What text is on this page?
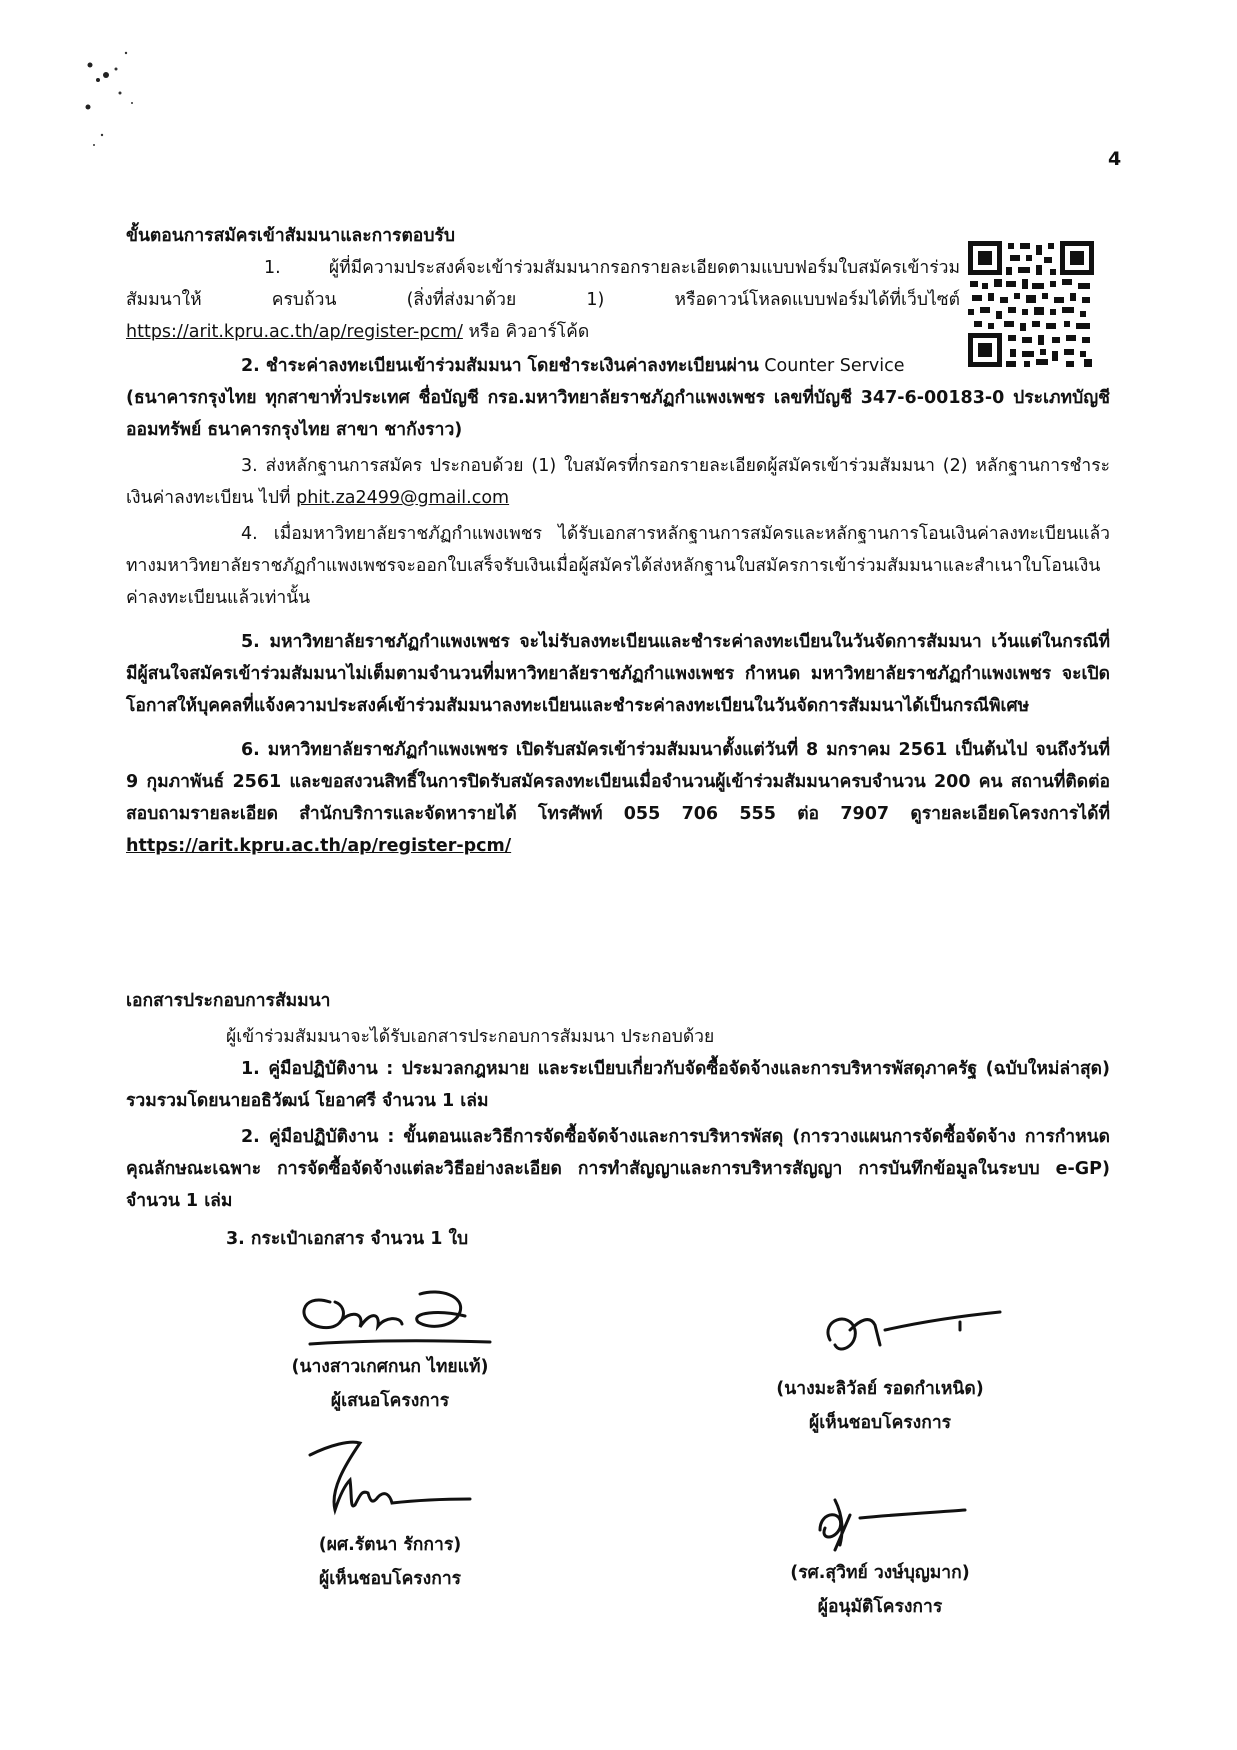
4
ขั้นตอนการสมัครเข้าสัมมนาและการตอบรับ
1. ผู้ที่มีความประสงค์จะเข้าร่วมสัมมนากรอกรายละเอียดตามแบบฟอร์มใบสมัครเข้าร่วมสัมมนาให้ ครบถ้วน (สิ่งที่ส่งมาด้วย 1) หรือดาวน์โหลดแบบฟอร์มได้ที่เว็บไซต์ https://arit.kpru.ac.th/ap/register-pcm/ หรือ คิวอาร์โค้ด
2. ชำระค่าลงทะเบียนเข้าร่วมสัมมนา โดยชำระเงินค่าลงทะเบียนผ่าน Counter Service
(ธนาคารกรุงไทย ทุกสาขาทั่วประเทศ ชื่อบัญชี กรอ.มหาวิทยาลัยราชภัฏกำแพงเพชร เลขที่บัญชี 347-6-00183-0 ประเภทบัญชีออมทรัพย์ ธนาคารกรุงไทย สาขา ชากังราว)
3. ส่งหลักฐานการสมัคร ประกอบด้วย (1) ใบสมัครที่กรอกรายละเอียดผู้สมัครเข้าร่วมสัมมนา (2) หลักฐานการชำระเงินค่าลงทะเบียน ไปที่ phit.za2499@gmail.com
4. เมื่อมหาวิทยาลัยราชภัฏกำแพงเพชร ได้รับเอกสารหลักฐานการสมัครและหลักฐานการโอนเงินค่าลงทะเบียนแล้ว ทางมหาวิทยาลัยราชภัฏกำแพงเพชรจะออกใบเสร็จรับเงินเมื่อผู้สมัครได้ส่งหลักฐานใบสมัครการเข้าร่วมสัมมนาและสำเนาใบโอนเงินค่าลงทะเบียนแล้วเท่านั้น
5. มหาวิทยาลัยราชภัฏกำแพงเพชร จะไม่รับลงทะเบียนและชำระค่าลงทะเบียนในวันจัดการสัมมนา เว้นแต่ในกรณีที่มีผู้สนใจสมัครเข้าร่วมสัมมนาไม่เต็มตามจำนวนที่มหาวิทยาลัยราชภัฏกำแพงเพชร กำหนด มหาวิทยาลัยราชภัฏกำแพงเพชร จะเปิดโอกาสให้บุคคลที่แจ้งความประสงค์เข้าร่วมสัมมนาลงทะเบียนและชำระค่าลงทะเบียนในวันจัดการสัมมนาได้เป็นกรณีพิเศษ
6. มหาวิทยาลัยราชภัฏกำแพงเพชร เปิดรับสมัครเข้าร่วมสัมมนาตั้งแต่วันที่ 8 มกราคม 2561 เป็นต้นไป จนถึงวันที่ 9 กุมภาพันธ์ 2561 และขอสงวนสิทธิ์ในการปิดรับสมัครลงทะเบียนเมื่อจำนวนผู้เข้าร่วมสัมมนาครบจำนวน 200 คน สถานที่ติดต่อสอบถามรายละเอียด สำนักบริการและจัดหารายได้ โทรศัพท์ 055 706 555 ต่อ 7907 ดูรายละเอียดโครงการได้ที่ https://arit.kpru.ac.th/ap/register-pcm/
เอกสารประกอบการสัมมนา
ผู้เข้าร่วมสัมมนาจะได้รับเอกสารประกอบการสัมมนา ประกอบด้วย
1. คู่มือปฏิบัติงาน : ประมวลกฎหมาย และระเบียบเกี่ยวกับจัดซื้อจัดจ้างและการบริหารพัสดุภาครัฐ (ฉบับใหม่ล่าสุด) รวมรวมโดยนายอธิวัฒน์ โยอาศรี จำนวน 1 เล่ม
2. คู่มือปฏิบัติงาน : ขั้นตอนและวิธีการจัดซื้อจัดจ้างและการบริหารพัสดุ (การวางแผนการจัดซื้อจัดจ้าง การกำหนดคุณลักษณะเฉพาะ การจัดซื้อจัดจ้างแต่ละวิธีอย่างละเอียด การทำสัญญาและการบริหารสัญญา การบันทึกข้อมูลในระบบ e-GP) จำนวน 1 เล่ม
3. กระเป๋าเอกสาร จำนวน 1 ใบ
(นางสาวเกศกนก ไทยแท้)
ผู้เสนอโครงการ
(นางมะลิวัลย์ รอดกำเหนิด)
ผู้เห็นชอบโครงการ
(ผศ.รัตนา รักการ)
ผู้เห็นชอบโครงการ	(รศ.สุวิทย์ วงษ์บุญมาก)
ผู้อนุมัติโครงการ
